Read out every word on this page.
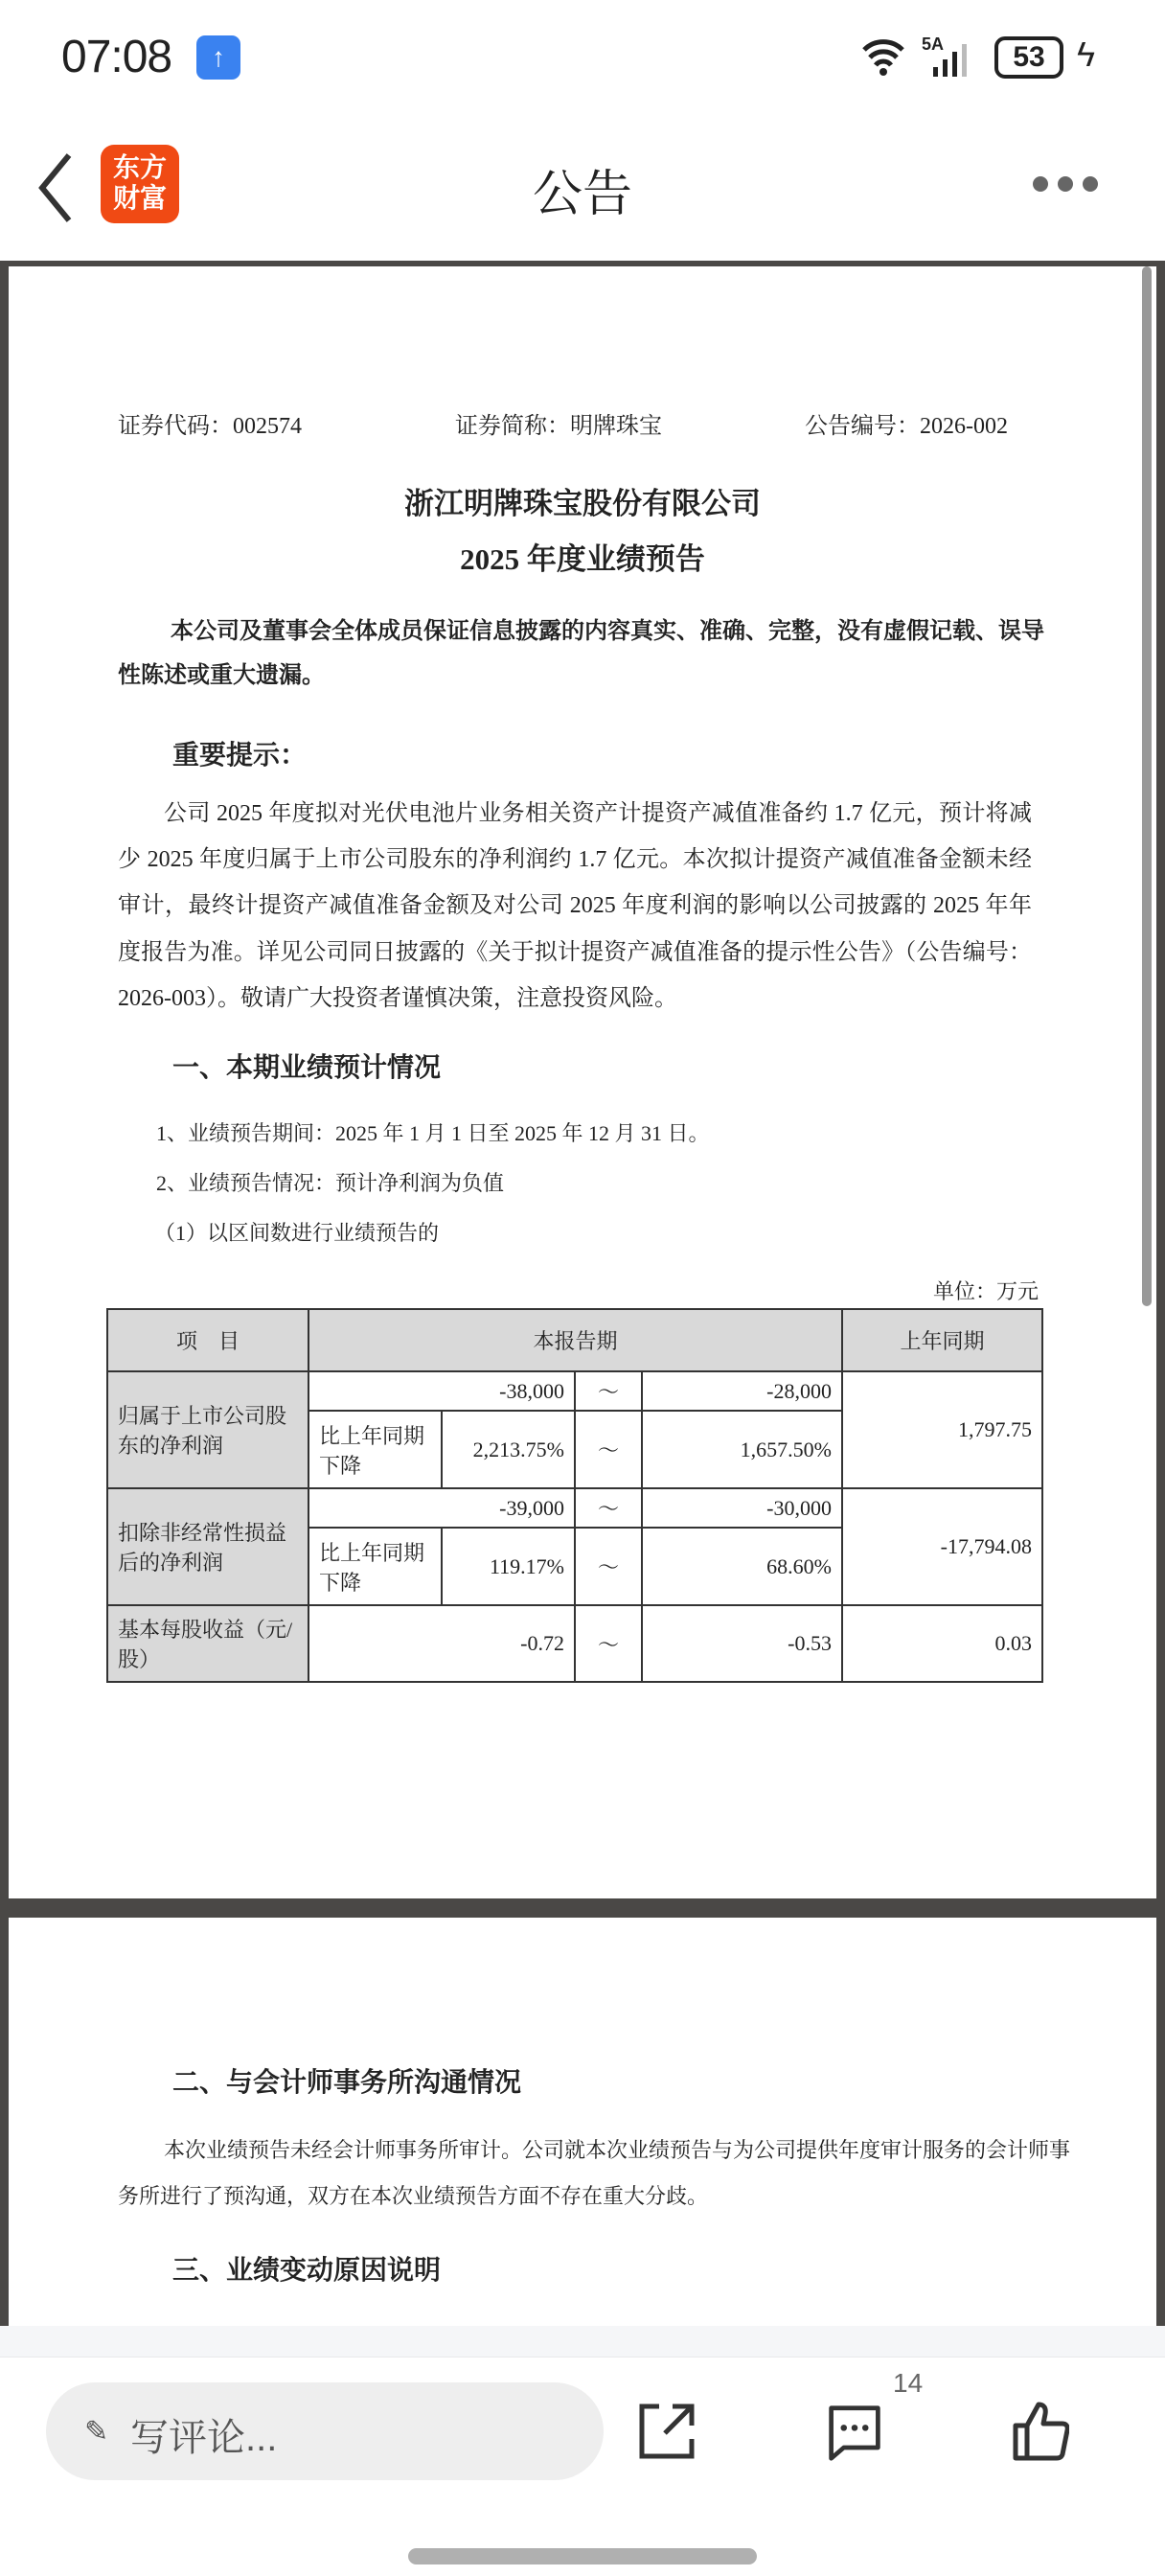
07:08	↑	5A	53 ϟ
东方
财富	公告
证券代码：002574	证券简称：明牌珠宝	公告编号：2026-002
浙江明牌珠宝股份有限公司
2025 年度业绩预告
本公司及董事会全体成员保证信息披露的内容真实、准确、完整，没有虚假记载、误导
性陈述或重大遗漏。
重要提示：
公司 2025 年度拟对光伏电池片业务相关资产计提资产减值准备约 1.7 亿元，预计将减
少 2025 年度归属于上市公司股东的净利润约 1.7 亿元。本次拟计提资产减值准备金额未经
审计，最终计提资产减值准备金额及对公司 2025 年度利润的影响以公司披露的 2025 年年
度报告为准。详见公司同日披露的《关于拟计提资产减值准备的提示性公告》（公告编号：
2026-003）。敬请广大投资者谨慎决策，注意投资风险。
一、本期业绩预计情况
1、业绩预告期间：2025 年 1 月 1 日至 2025 年 12 月 31 日。
2、业绩预告情况：预计净利润为负值
（1）以区间数进行业绩预告的
单位：万元
项　目	本报告期				上年同期
归属于上市公司股东的净利润	-38,000		～	-28,000	1,797.75
	比上年同期下降	2,213.75%	～	1,657.50%	
扣除非经常性损益后的净利润	-39,000		～	-30,000	-17,794.08
	比上年同期下降	119.17%	～	68.60%	
基本每股收益（元/股）	-0.72		～	-0.53	0.03
二、与会计师事务所沟通情况
本次业绩预告未经会计师事务所审计。公司就本次业绩预告与为公司提供年度审计服务的会计师事
务所进行了预沟通，双方在本次业绩预告方面不存在重大分歧。
三、业绩变动原因说明
✎ 写评论...
14
